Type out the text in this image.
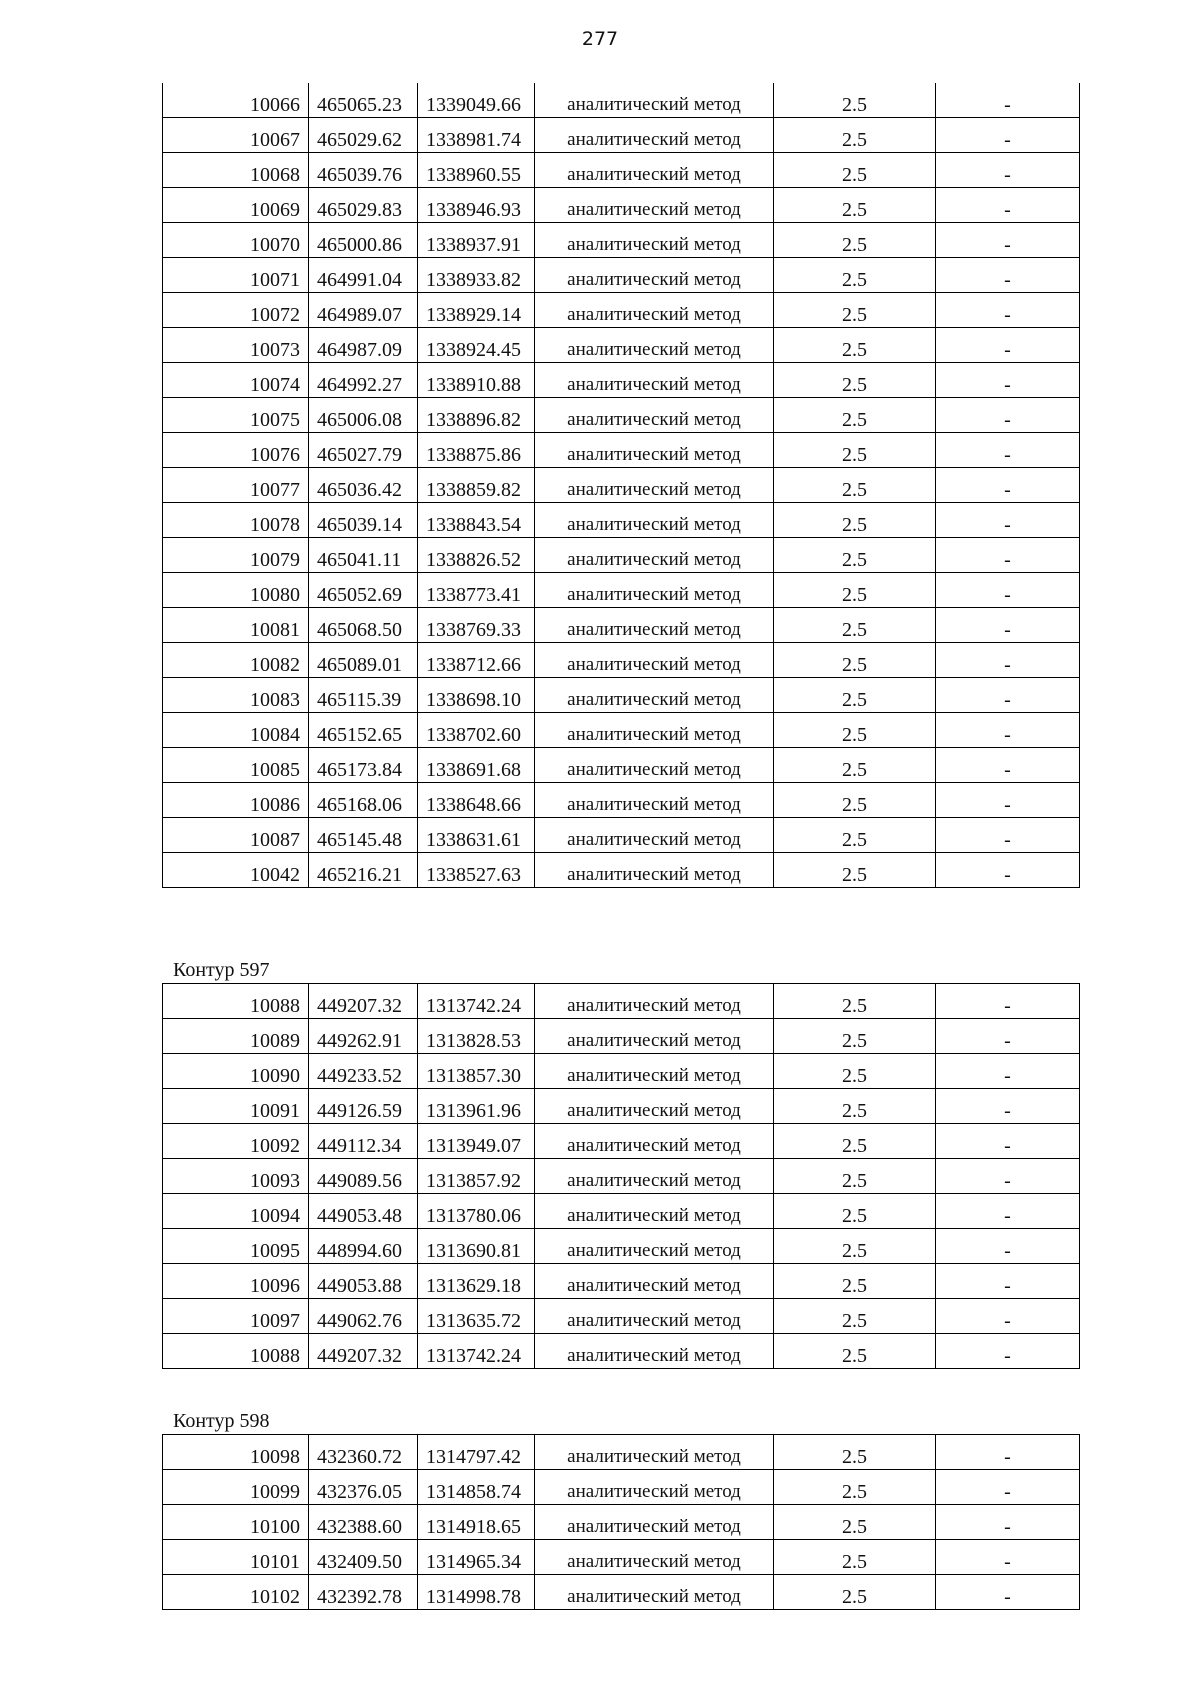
277
10066	465065.23	1339049.66	аналитический метод	2.5	-

10067	465029.62	1338981.74	аналитический метод	2.5	-

10068	465039.76	1338960.55	аналитический метод	2.5	-

10069	465029.83	1338946.93	аналитический метод	2.5	-

10070	465000.86	1338937.91	аналитический метод	2.5	-

10071	464991.04	1338933.82	аналитический метод	2.5	-

10072	464989.07	1338929.14	аналитический метод	2.5	-

10073	464987.09	1338924.45	аналитический метод	2.5	-

10074	464992.27	1338910.88	аналитический метод	2.5	-

10075	465006.08	1338896.82	аналитический метод	2.5	-

10076	465027.79	1338875.86	аналитический метод	2.5	-

10077	465036.42	1338859.82	аналитический метод	2.5	-

10078	465039.14	1338843.54	аналитический метод	2.5	-

10079	465041.11	1338826.52	аналитический метод	2.5	-

10080	465052.69	1338773.41	аналитический метод	2.5	-

10081	465068.50	1338769.33	аналитический метод	2.5	-

10082	465089.01	1338712.66	аналитический метод	2.5	-

10083	465115.39	1338698.10	аналитический метод	2.5	-

10084	465152.65	1338702.60	аналитический метод	2.5	-

10085	465173.84	1338691.68	аналитический метод	2.5	-

10086	465168.06	1338648.66	аналитический метод	2.5	-

10087	465145.48	1338631.61	аналитический метод	2.5	-

10042	465216.21	1338527.63	аналитический метод	2.5	-
Контур 597
10088	449207.32	1313742.24	аналитический метод	2.5	-

10089	449262.91	1313828.53	аналитический метод	2.5	-

10090	449233.52	1313857.30	аналитический метод	2.5	-

10091	449126.59	1313961.96	аналитический метод	2.5	-

10092	449112.34	1313949.07	аналитический метод	2.5	-

10093	449089.56	1313857.92	аналитический метод	2.5	-

10094	449053.48	1313780.06	аналитический метод	2.5	-

10095	448994.60	1313690.81	аналитический метод	2.5	-

10096	449053.88	1313629.18	аналитический метод	2.5	-

10097	449062.76	1313635.72	аналитический метод	2.5	-

10088	449207.32	1313742.24	аналитический метод	2.5	-
Контур 598
10098	432360.72	1314797.42	аналитический метод	2.5	-

10099	432376.05	1314858.74	аналитический метод	2.5	-

10100	432388.60	1314918.65	аналитический метод	2.5	-

10101	432409.50	1314965.34	аналитический метод	2.5	-

10102	432392.78	1314998.78	аналитический метод	2.5	-
